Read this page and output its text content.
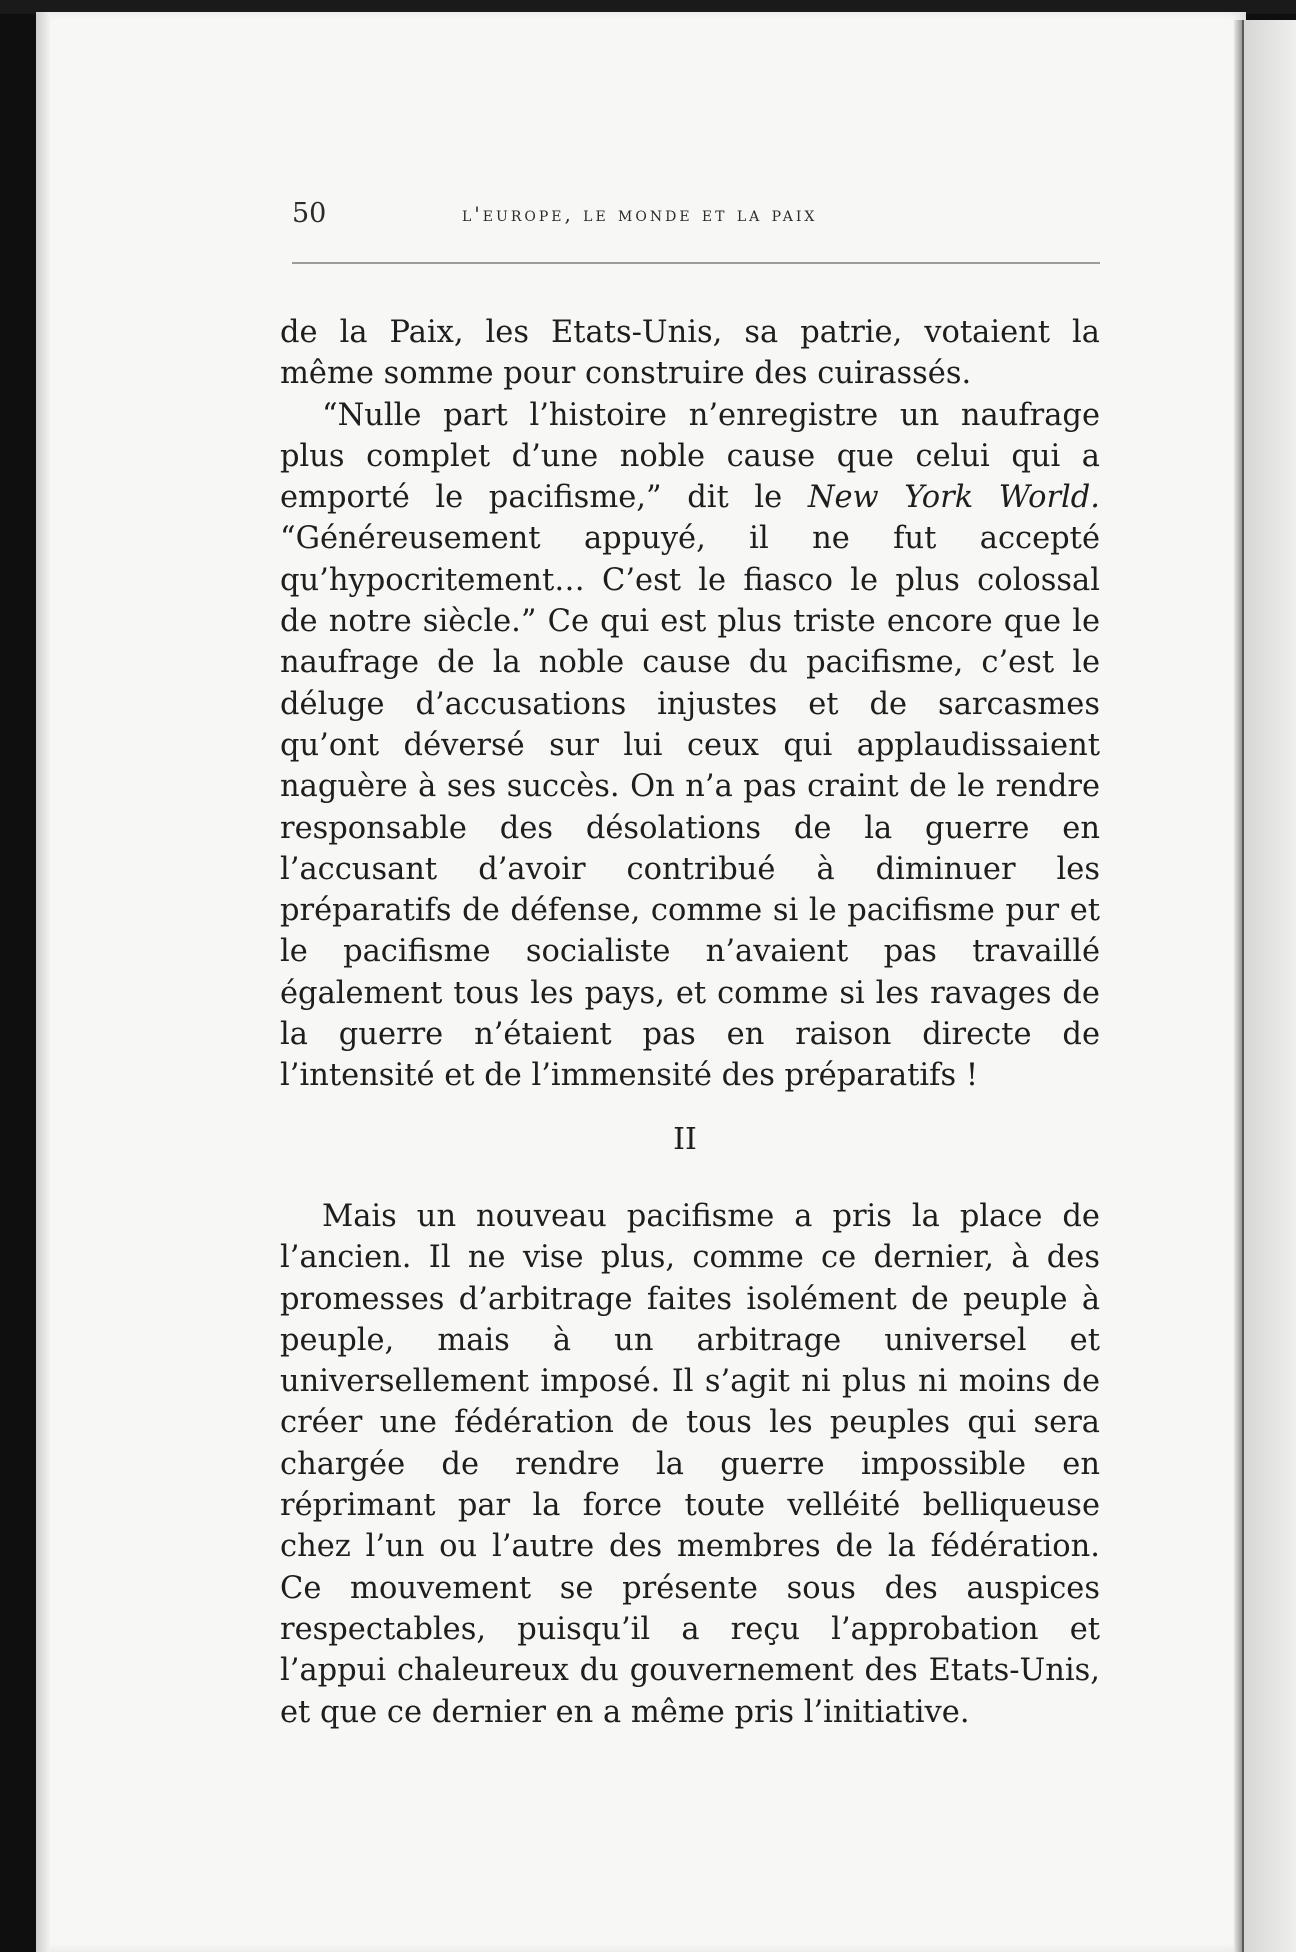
50	l'europe, le monde et la paix

de la Paix, les Etats-Unis, sa patrie, votaient la même somme pour construire des cuirassés.

“Nulle part l’histoire n’enregistre un naufrage plus complet d’une noble cause que celui qui a emporté le pacifisme,” dit le New York World. “Généreusement appuyé, il ne fut accepté qu’hypocritement… C’est le fiasco le plus colossal de notre siècle.” Ce qui est plus triste encore que le naufrage de la noble cause du pacifisme, c’est le déluge d’accusations injustes et de sarcasmes qu’ont déversé sur lui ceux qui applaudissaient naguère à ses succès. On n’a pas craint de le rendre responsable des désolations de la guerre en l’accusant d’avoir contribué à diminuer les préparatifs de défense, comme si le pacifisme pur et le pacifisme socialiste n’avaient pas travaillé également tous les pays, et comme si les ravages de la guerre n’étaient pas en raison directe de l’intensité et de l’immensité des préparatifs !

II

Mais un nouveau pacifisme a pris la place de l’ancien. Il ne vise plus, comme ce dernier, à des promesses d’arbitrage faites isolément de peuple à peuple, mais à un arbitrage universel et universellement imposé. Il s’agit ni plus ni moins de créer une fédération de tous les peuples qui sera chargée de rendre la guerre impossible en réprimant par la force toute velléité belliqueuse chez l’un ou l’autre des membres de la fédération. Ce mouvement se présente sous des auspices respectables, puisqu’il a reçu l’approbation et l’appui chaleureux du gouvernement des Etats-Unis, et que ce dernier en a même pris l’initiative.
